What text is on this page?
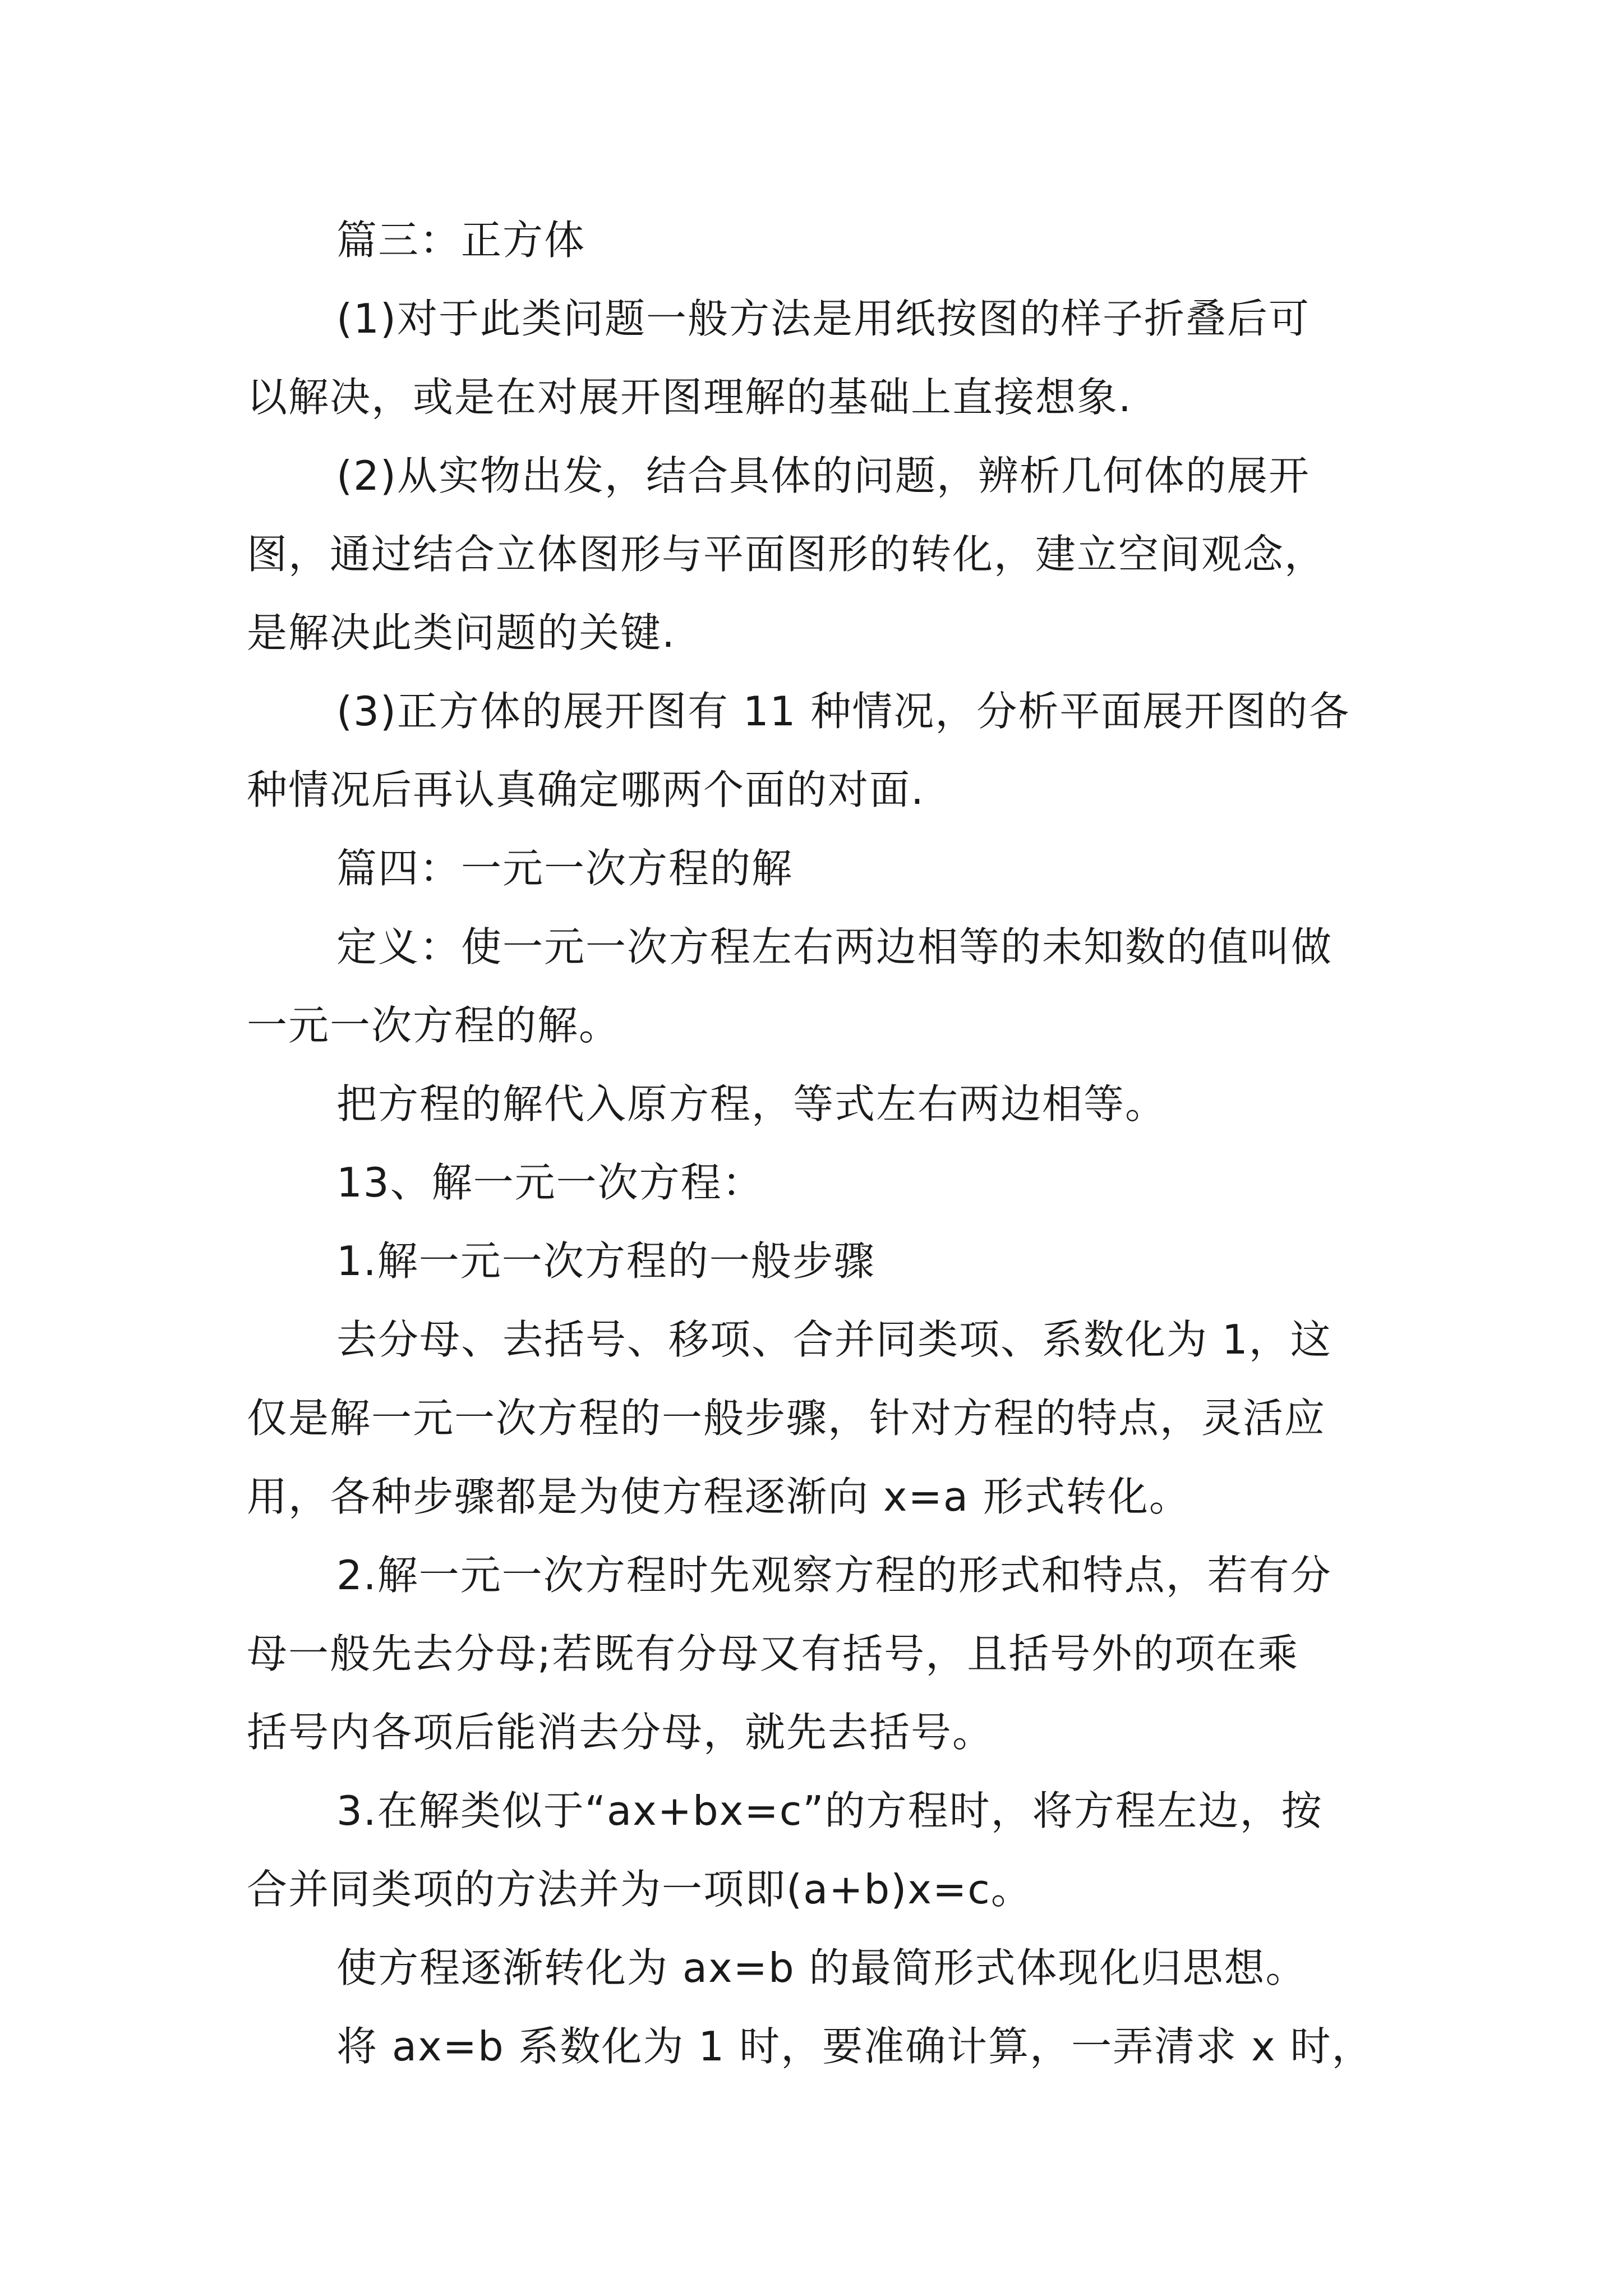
篇三：正方体
(1)对于此类问题一般方法是用纸按图的样子折叠后可
以解决，或是在对展开图理解的基础上直接想象.
(2)从实物出发，结合具体的问题，辨析几何体的展开
图，通过结合立体图形与平面图形的转化，建立空间观念，
是解决此类问题的关键.
(3)正方体的展开图有 11 种情况，分析平面展开图的各
种情况后再认真确定哪两个面的对面.
篇四：一元一次方程的解
定义：使一元一次方程左右两边相等的未知数的值叫做
一元一次方程的解。
把方程的解代入原方程，等式左右两边相等。
13、解一元一次方程：
1.解一元一次方程的一般步骤
去分母、去括号、移项、合并同类项、系数化为 1，这
仅是解一元一次方程的一般步骤，针对方程的特点，灵活应
用，各种步骤都是为使方程逐渐向 x=a 形式转化。
2.解一元一次方程时先观察方程的形式和特点，若有分
母一般先去分母;若既有分母又有括号，且括号外的项在乘
括号内各项后能消去分母，就先去括号。
3.在解类似于“ax+bx=c”的方程时，将方程左边，按
合并同类项的方法并为一项即(a+b)x=c。
使方程逐渐转化为 ax=b 的最简形式体现化归思想。
将 ax=b 系数化为 1 时，要准确计算，一弄清求 x 时，
